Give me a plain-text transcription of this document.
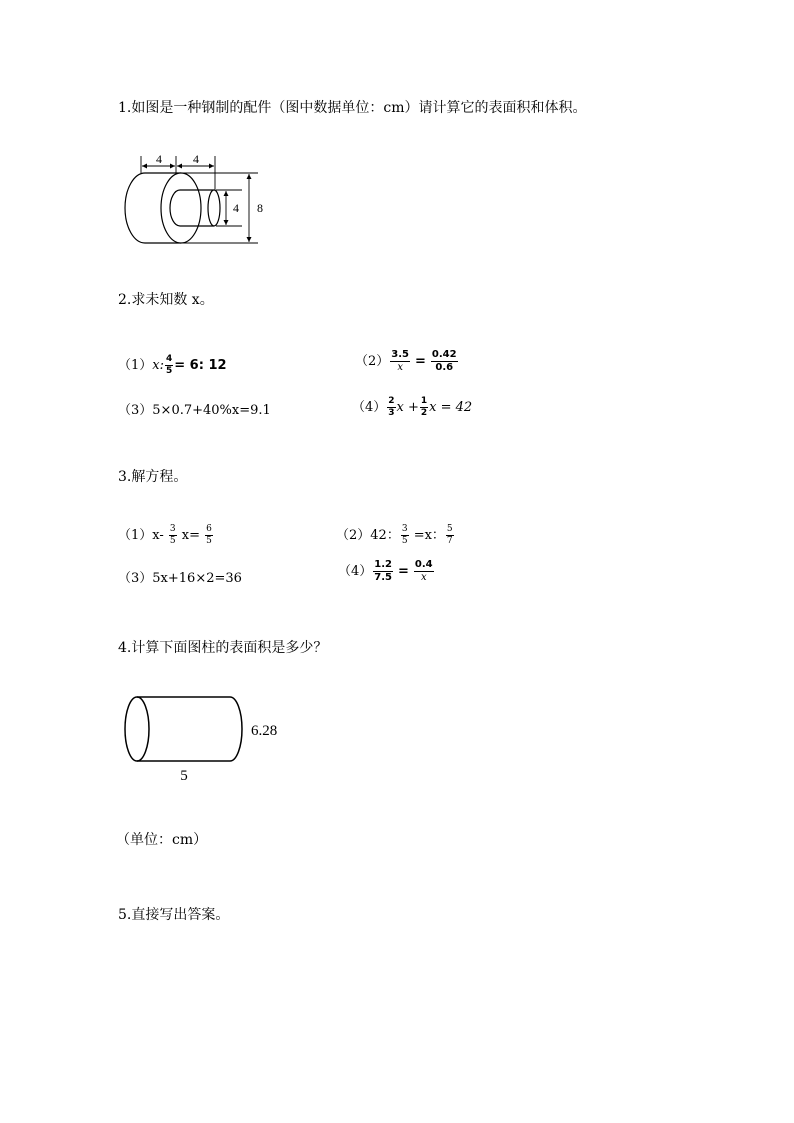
1.如图是一种钢制的配件（图中数据单位：cm）请计算它的表面积和体积。
4	4
4 8
2.求未知数 x。
（1）x: $\frac{4}{5} = 6$: 12	$(2) \frac{3.5}{x} = \frac{0.42}{0.6}$
（3）5×0.7+40%x=9.1	$(4) \frac{2}{3}$ $x + \frac{1}{2}$ x = 42
3.解方程。
$(1)x- \frac{3}{5} x= \frac{6}{5}$	（2）42： $\frac{3}{5} =x$： $\frac{5}{7}$
（3）5x+16×2=36	$(4) \frac{1.2}{7.5} = \frac{0.4}{x}$
4.计算下面图柱的表面积是多少？
6.28
5
（单位：cm）
5.直接写出答案。
